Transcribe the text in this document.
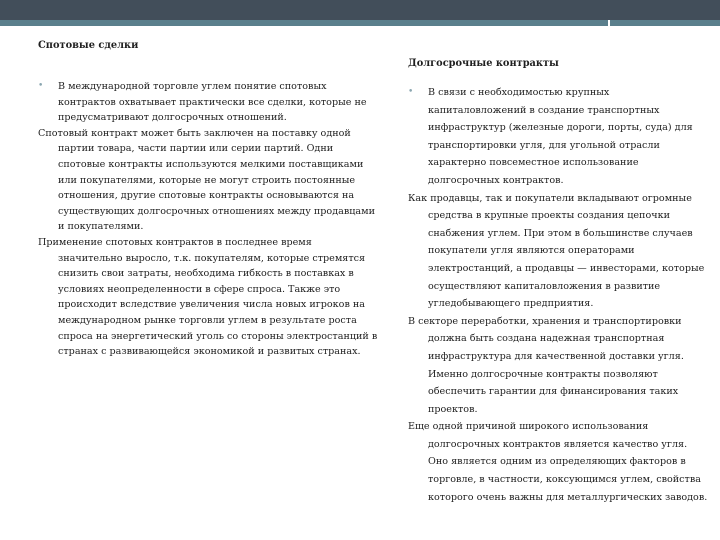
Спотовые сделки

• В международной торговле углем понятие спотовых контрактов охватывает практически все сделки, которые не предусматривают долгосрочных отношений.

Спотовый контракт может быть заключен на поставку одной партии товара, части партии или серии партий. Одни спотовые контракты используются мелкими поставщиками или покупателями, которые не могут строить постоянные отношения, другие спотовые контракты основываются на существующих долгосрочных отношениях между продавцами и покупателями.

Применение спотовых контрактов в последнее время значительно выросло, т.к. покупателям, которые стремятся снизить свои затраты, необходима гибкость в поставках в условиях неопределенности в сфере спроса. Также это происходит вследствие увеличения числа новых игроков на международном рынке торговли углем в результате роста спроса на энергетический уголь со стороны электростанций в странах с развивающейся экономикой и развитых странах.

Долгосрочные контракты

• В связи с необходимостью крупных капиталовложений в создание транспортных инфраструктур (железные дороги, порты, суда) для транспортировки угля, для угольной отрасли характерно повсеместное использование долгосрочных контрактов.

Как продавцы, так и покупатели вкладывают огромные средства в крупные проекты создания цепочки снабжения углем. При этом в большинстве случаев покупатели угля являются операторами электростанций, а продавцы — инвесторами, которые осуществляют капиталовложения в развитие угледобывающего предприятия.

В секторе переработки, хранения и транспортировки должна быть создана надежная транспортная инфраструктура для качественной доставки угля. Именно долгосрочные контракты позволяют обеспечить гарантии для финансирования таких проектов.

Еще одной причиной широкого использования долгосрочных контрактов является качество угля. Оно является одним из определяющих факторов в торговле, в частности, коксующимся углем, свойства которого очень важны для металлургических заводов.
